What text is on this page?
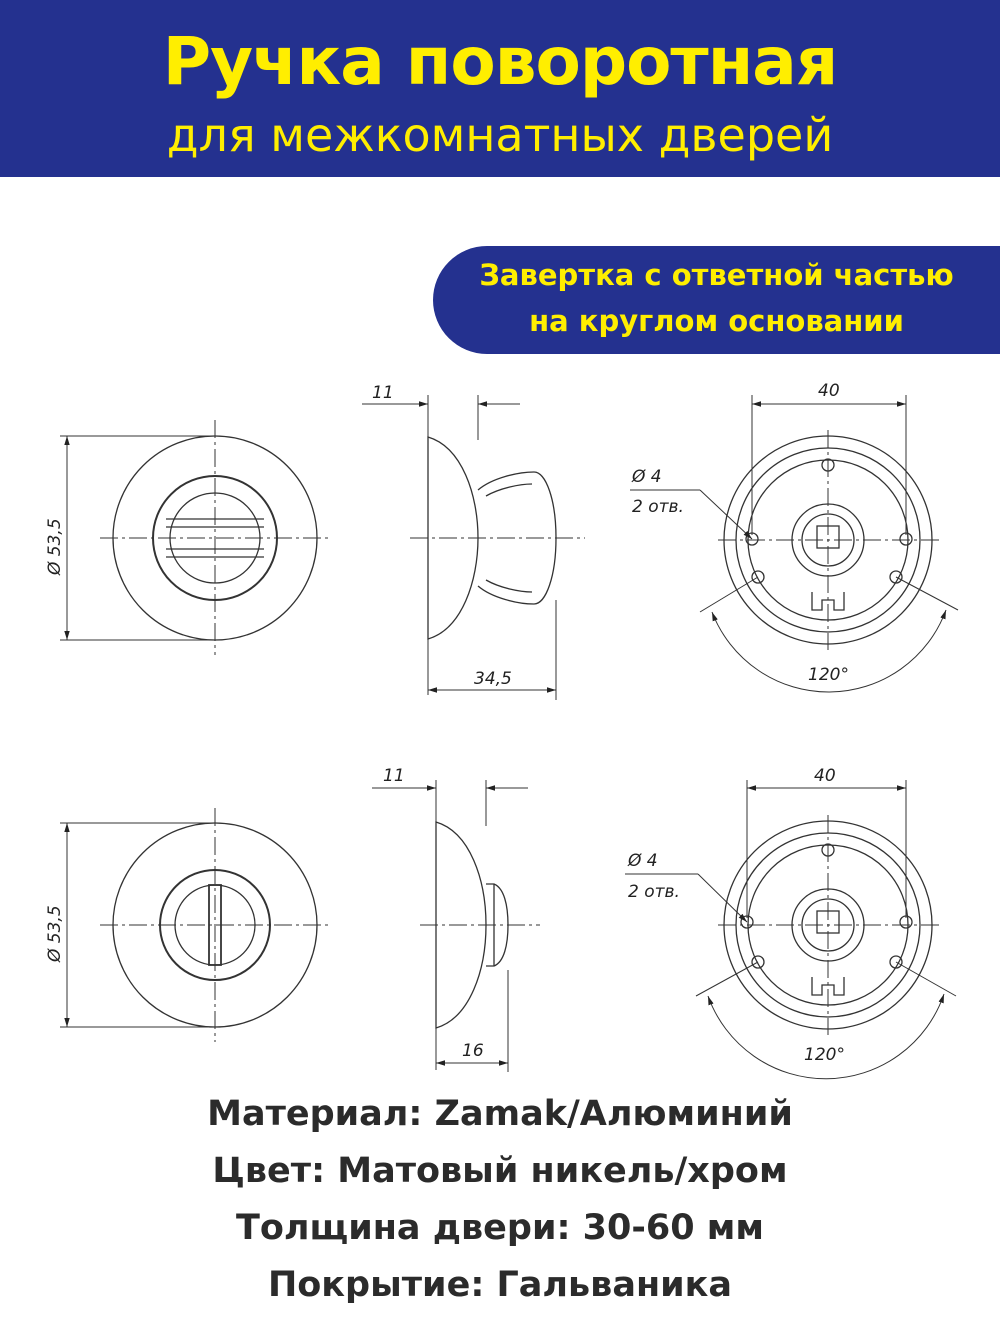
Ручка поворотная
для межкомнатных дверей
Завертка с ответной частью
на круглом основании
Ø 53,5
11
34,5
40
Ø 4
2 отв.
120°
Ø 53,5
11
16
40
Ø 4
2 отв.
120°
Материал: Zamak/Алюминий
Цвет: Матовый никель/хром
Толщина двери: 30-60 мм
Покрытие: Гальваника
